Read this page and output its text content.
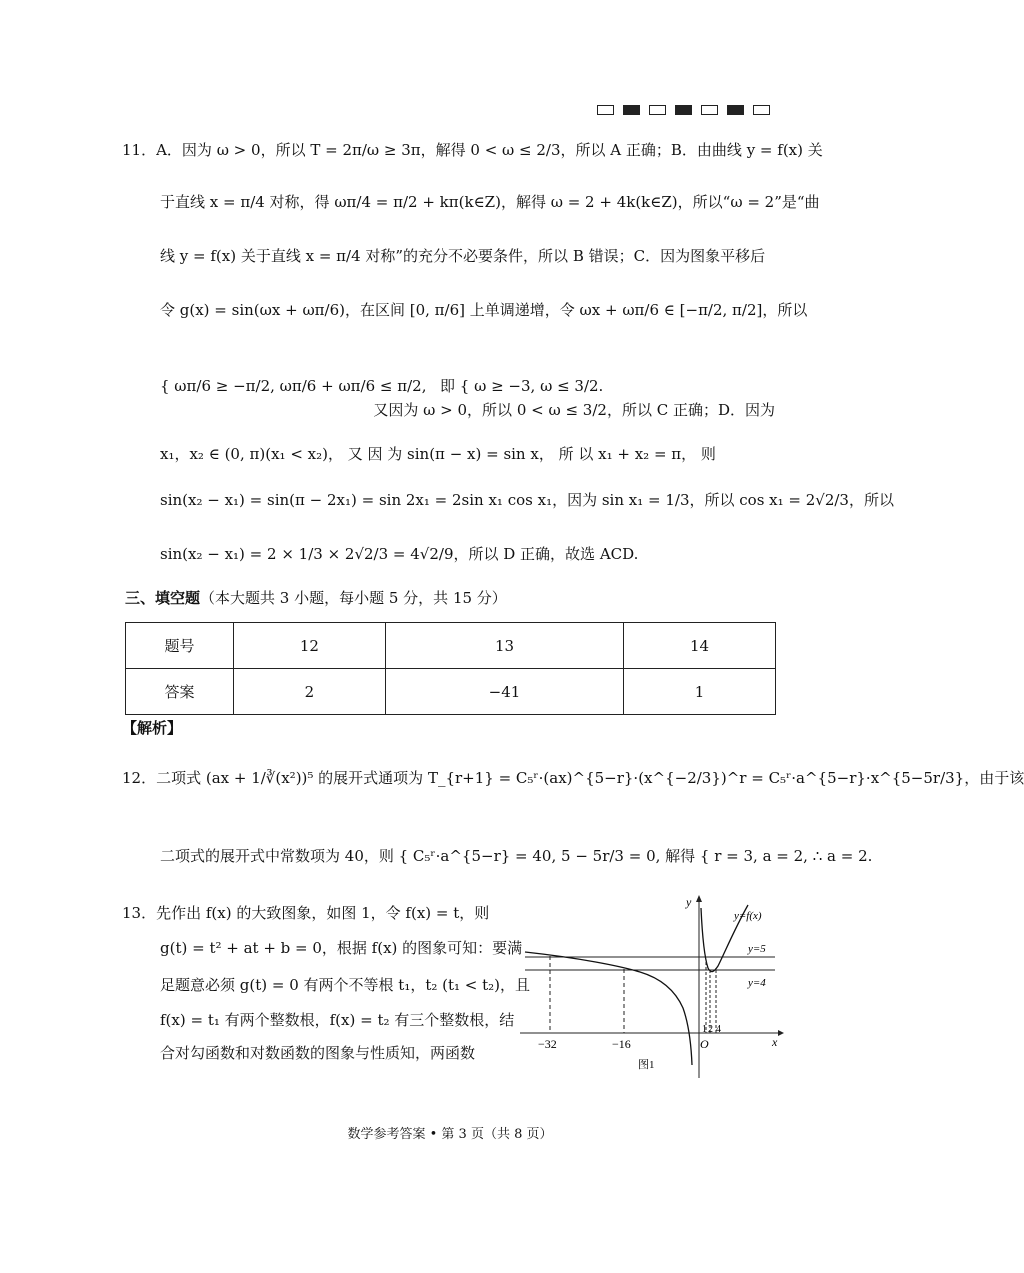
11．A．因为 ω > 0，所以 T = 2π/ω ≥ 3π，解得 0 < ω ≤ 2/3，所以 A 正确；B．由曲线 y = f(x) 关
于直线 x = π/4 对称，得 ωπ/4 = π/2 + kπ(k∈Z)，解得 ω = 2 + 4k(k∈Z)，所以“ω = 2”是“曲
线 y = f(x) 关于直线 x = π/4 对称”的充分不必要条件，所以 B 错误；C．因为图象平移后
令 g(x) = sin(ωx + ωπ/6)，在区间 [0, π/6] 上单调递增，令 ωx + ωπ/6 ∈ [−π/2, π/2]，所以
{ ωπ/6 ≥ −π/2, ωπ/6 + ωπ/6 ≤ π/2, 即 { ω ≥ −3, ω ≤ 3/2.
又因为 ω > 0，所以 0 < ω ≤ 3/2，所以 C 正确；D．因为
x₁，x₂ ∈ (0, π)(x₁ < x₂)， 又 因 为 sin(π − x) = sin x， 所 以 x₁ + x₂ = π， 则
sin(x₂ − x₁) = sin(π − 2x₁) = sin 2x₁ = 2sin x₁ cos x₁，因为 sin x₁ = 1/3，所以 cos x₁ = 2√2/3，所以
sin(x₂ − x₁) = 2 × 1/3 × 2√2/3 = 4√2/9，所以 D 正确，故选 ACD.
三、填空题（本大题共 3 小题，每小题 5 分，共 15 分）
题号	12	13	14
答案	2	−41	1
【解析】
12．二项式 (ax + 1/∛(x²))⁵ 的展开式通项为 T_{r+1} = C₅ʳ·(ax)^{5−r}·(x^{−2/3})^r = C₅ʳ·a^{5−r}·x^{5−5r/3}，由于该
二项式的展开式中常数项为 40，则 { C₅ʳ·a^{5−r} = 40, 5 − 5r/3 = 0, 解得 { r = 3, a = 2, ∴ a = 2.
13．先作出 f(x) 的大致图象，如图 1，令 f(x) = t，则
g(t) = t² + at + b = 0，根据 f(x) 的图象可知：要满
足题意必须 g(t) = 0 有两个不等根 t₁，t₂ (t₁ < t₂)，且
f(x) = t₁ 有两个整数根，f(x) = t₂ 有三个整数根，结
合对勾函数和对数函数的图象与性质知，两函数
y
x
O
y=f(x)
y=5
y=4
−32	−16
1 2 4
图1
数学参考答案 • 第 3 页（共 8 页）
